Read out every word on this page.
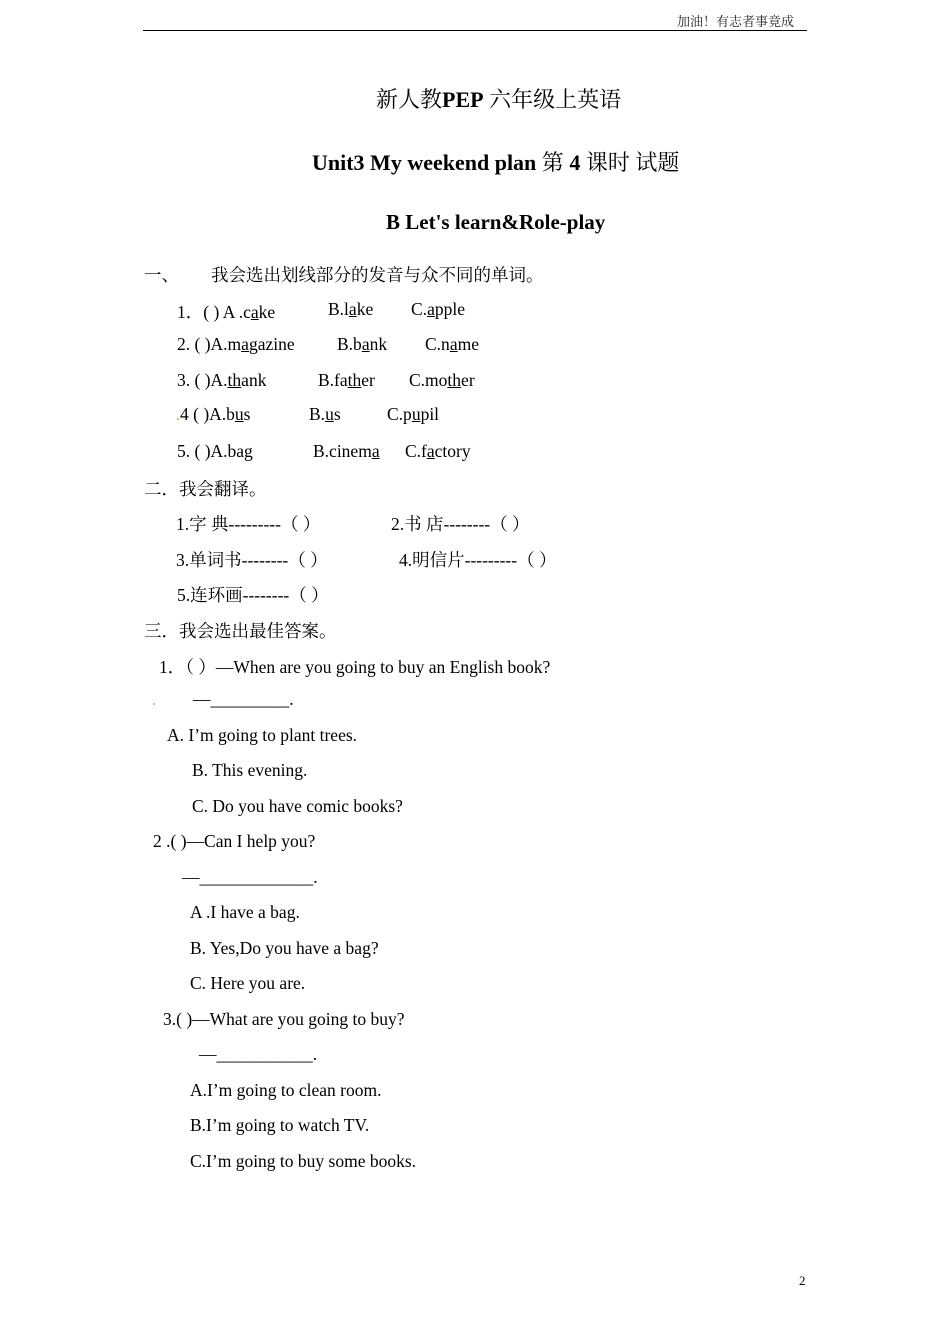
加油！有志者事竟成
新人教PEP 六年级上英语
Unit3 My weekend plan 第 4 课时 试题
B Let's learn&Role-play
一、 我会选出划线部分的发音与众不同的单词。
1．( ) A .cake	B.lake C.apple
2. ( )A.magazine B.bank C.name
3. ( )A.thank	B.father C.mother
4 ( )A.bus	B.us	C.pupil
5. ( )A.bag	B.cinema C.factory
二．我会翻译。
1.字 典---------（ ）	2.书 店--------（ ）
3.单词书--------（ ）	4.明信片---------（ ）
5.连环画--------（ ）
三．我会选出最佳答案。
1．（ ）—When are you going to buy an English book?
—_________.
A. I’m going to plant trees.
B. This evening.
C. Do you have comic books?
2 .( )—Can I help you?
—_____________.
A .I have a bag.
B. Yes,Do you have a bag?
C. Here you are.
3.( )—What are you going to buy?
—___________.
A.I’m going to clean room.
B.I’m going to watch TV.
C.I’m going to buy some books.
2
